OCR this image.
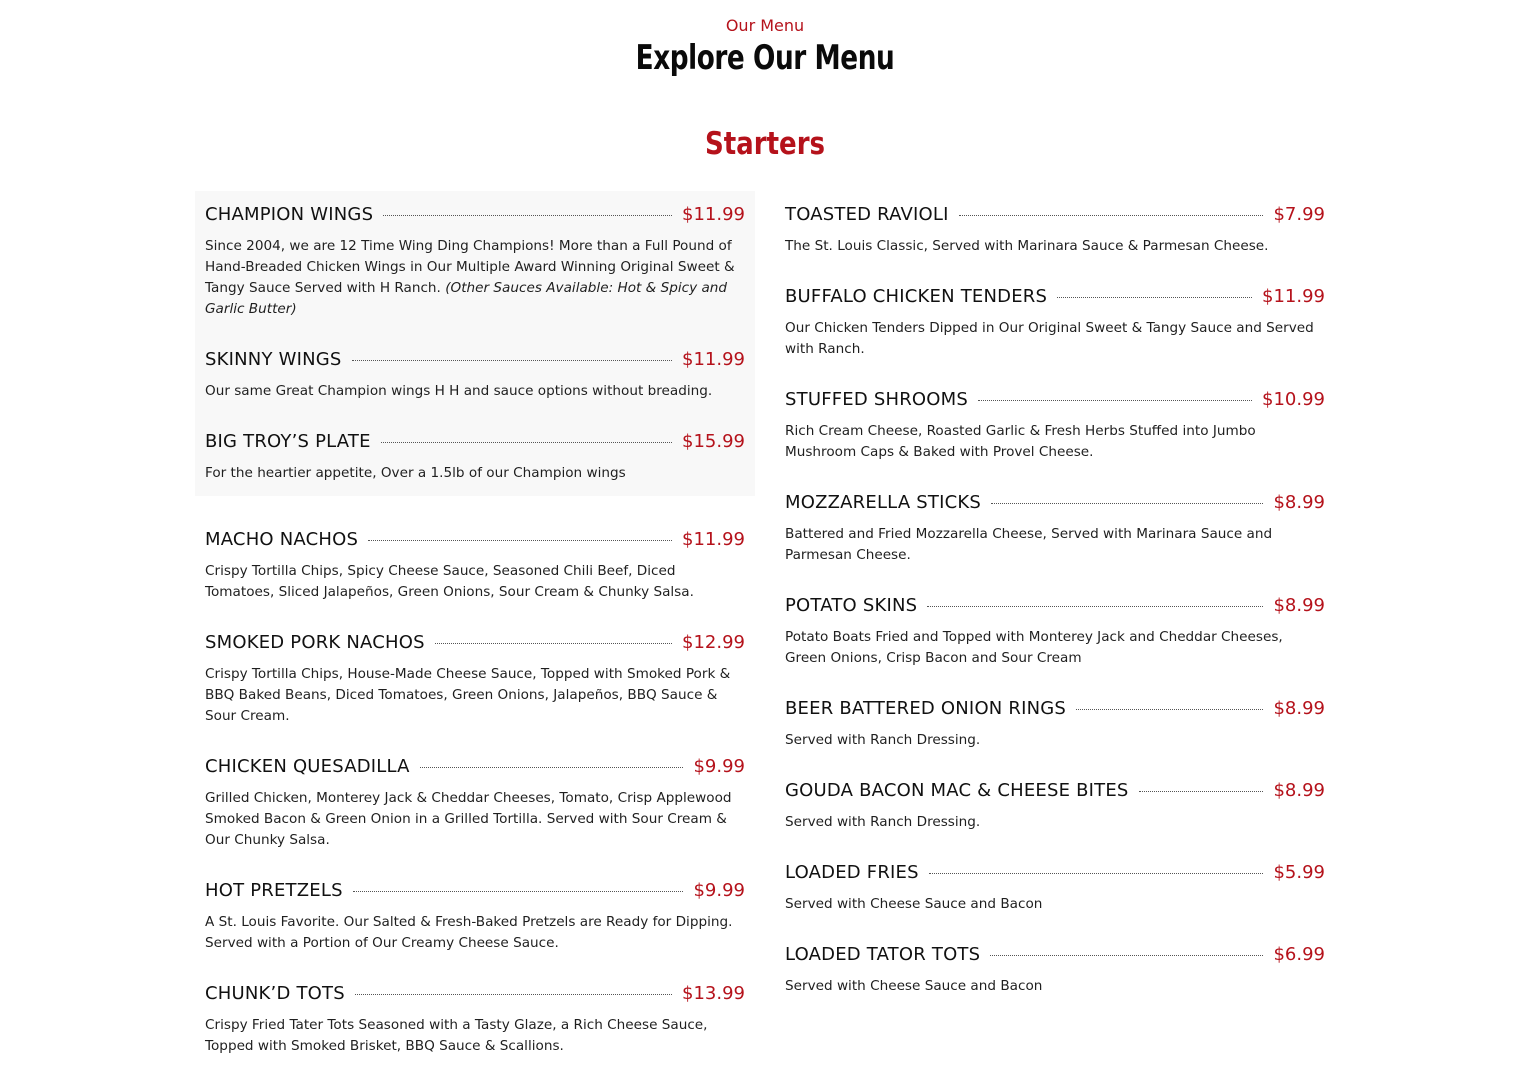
Our Menu
Explore Our Menu
Starters
CHAMPION WINGS	$11.99
Since 2004, we are 12 Time Wing Ding Champions! More than a Full Pound of Hand-Breaded Chicken Wings in Our Multiple Award Winning Original Sweet & Tangy Sauce Served with H Ranch. (Other Sauces Available: Hot & Spicy and Garlic Butter)
SKINNY WINGS	$11.99
Our same Great Champion wings H H and sauce options without breading.
BIG TROY’S PLATE	$15.99
For the heartier appetite, Over a 1.5lb of our Champion wings
MACHO NACHOS	$11.99
Crispy Tortilla Chips, Spicy Cheese Sauce, Seasoned Chili Beef, Diced Tomatoes, Sliced Jalapeños, Green Onions, Sour Cream & Chunky Salsa.
SMOKED PORK NACHOS	$12.99
Crispy Tortilla Chips, House-Made Cheese Sauce, Topped with Smoked Pork & BBQ Baked Beans, Diced Tomatoes, Green Onions, Jalapeños, BBQ Sauce & Sour Cream.
CHICKEN QUESADILLA	$9.99
Grilled Chicken, Monterey Jack & Cheddar Cheeses, Tomato, Crisp Applewood Smoked Bacon & Green Onion in a Grilled Tortilla. Served with Sour Cream & Our Chunky Salsa.
HOT PRETZELS	$9.99
A St. Louis Favorite. Our Salted & Fresh-Baked Pretzels are Ready for Dipping. Served with a Portion of Our Creamy Cheese Sauce.
CHUNK’D TOTS	$13.99
Crispy Fried Tater Tots Seasoned with a Tasty Glaze, a Rich Cheese Sauce, Topped with Smoked Brisket, BBQ Sauce & Scallions.
TOASTED RAVIOLI	$7.99
The St. Louis Classic, Served with Marinara Sauce & Parmesan Cheese.
BUFFALO CHICKEN TENDERS	$11.99
Our Chicken Tenders Dipped in Our Original Sweet & Tangy Sauce and Served with Ranch.
STUFFED SHROOMS	$10.99
Rich Cream Cheese, Roasted Garlic & Fresh Herbs Stuffed into Jumbo Mushroom Caps & Baked with Provel Cheese.
MOZZARELLA STICKS	$8.99
Battered and Fried Mozzarella Cheese, Served with Marinara Sauce and Parmesan Cheese.
POTATO SKINS	$8.99
Potato Boats Fried and Topped with Monterey Jack and Cheddar Cheeses, Green Onions, Crisp Bacon and Sour Cream
BEER BATTERED ONION RINGS	$8.99
Served with Ranch Dressing.
GOUDA BACON MAC & CHEESE BITES	$8.99
Served with Ranch Dressing.
LOADED FRIES	$5.99
Served with Cheese Sauce and Bacon
LOADED TATOR TOTS	$6.99
Served with Cheese Sauce and Bacon
